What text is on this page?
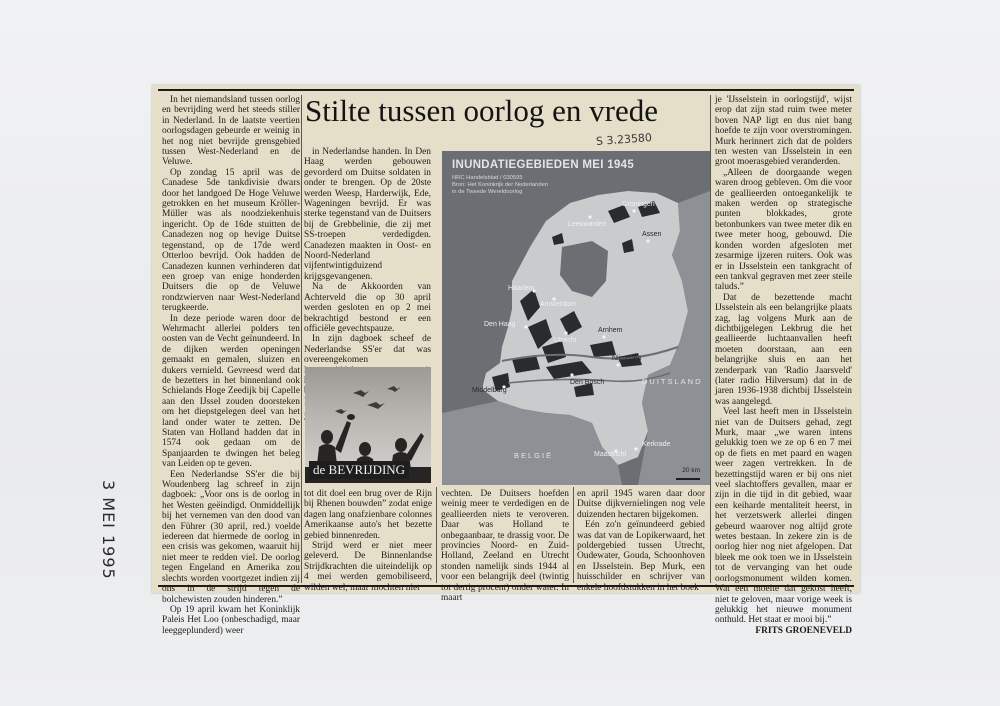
3 MEI 1995

In het niemandsland tussen oorlog en bevrijding werd het steeds stiller in Nederland. In de laatste veertien oorlogsdagen gebeurde er weinig in het nog niet bevrijde grensgebied tussen West-Nederland en de Veluwe.

Op zondag 15 april was de Canadese 5de tankdivisie dwars door het landgoed De Hoge Veluwe getrokken en het museum Kröller-Müller was als noodziekenhuis ingericht. Op de 16de stuitten de Canadezen nog op hevige Duitse tegenstand, op de 17de werd Otterloo bevrijd. Ook hadden de Canadezen kunnen verhinderen dat een groep van enige honderden Duitsers die op de Veluwe rondzwierven naar West-Nederland terugkeerde.

In deze periode waren door de Wehrmacht allerlei polders ten oosten van de Vecht geïnundeerd. In de dijken werden openingen gemaakt en gemalen, sluizen en dukers vernield. Gevreesd werd dat de bezetters in het binnenland ook Schielands Hoge Zeedijk bij Capelle aan den IJssel zouden doorsteken om het diepstgelegen deel van het land onder water te zetten. De Staten van Holland hadden dat in 1574 ook gedaan om de Spanjaarden te dwingen het beleg van Leiden op te geven.

Een Nederlandse SS'er die bij Woudenberg lag schreef in zijn dagboek: „Voor ons is de oorlog in het Westen geëindigd. Onmiddellijk bij het vernemen van den dood van den Führer (30 april, red.) voelde iedereen dat hiermede de oorlog in een crisis was gekomen, waaruit hij niet meer te redden viel. De oorlog tegen Engeland en Amerika zou slechts worden voortgezet indien zij ons in de strijd tegen de bolchewisten zouden hinderen.”

Op 19 april kwam het Koninklijk Paleis Het Loo (onbeschadigd, maar leeggeplunderd) weer

Stilte tussen oorlog en vrede
S 3.23580

in Nederlandse handen. In Den Haag werden gebouwen gevorderd om Duitse soldaten in onder te brengen. Op de 20ste werden Weesp, Harderwijk, Ede, Wageningen bevrijd. Er was sterke tegenstand van de Duitsers bij de Grebbelinie, die zij met SS-troepen verdedigden. Canadezen maakten in Oost- en Noord-Nederland vijfentwintigduizend krijgsgevangenen.

Na de Akkoorden van Achterveld die op 30 april werden gesloten en op 2 mei bekrachtigd bestond er een officiële gevechtspauze.

In zijn dagboek scheef de Nederlandse SS'er dat was overeengekomen

de BEVRIJDING
INUNDATIEGEBIEDEN MEI 1945
NRC Handelsblad / 030595
Bron: Het Koninkrijk der Nederlanden
in de Tweede Wereldoorlog
Leeuwarden
Groningen
Assen
Haarlem
Amsterdam
Den Haag
Utrecht
Arnhem
Nijmegen
Middelburg
Den Bosch
Maastricht
Kerkrade
DUITSLAND
BELGIË
20 km

tot dit doel een brug over de Rijn bij Rhenen bouwden” zodat enige dagen lang onafzienbare colonnes Amerikaanse auto's het bezette gebied binnenreden.

Strijd werd er niet meer geleverd. De Binnenlandse Strijdkrachten die uiteindelijk op 4 mei werden gemobiliseerd, wilden wel, maar mochten niet

vechten. De Duitsers hoefden weinig meer te verdedigen en de geallieerden niets te veroveren. Daar was Holland te onbegaanbaar, te drassig voor. De provincies Noord- en Zuid-Holland, Zeeland en Utrecht stonden namelijk sinds 1944 al voor een belangrijk deel (twintig tot dertig procent) onder water. In maart

en april 1945 waren daar door Duitse dijkvernielingen nog vele duizenden hectaren bijgekomen.

Eén zo'n geïnundeerd gebied was dat van de Lopikerwaard, het poldergebied tussen Utrecht, Oudewater, Gouda, Schoonhoven en IJsselstein. Bep Murk, een huisschilder en schrijver van enkele hoofdstukken in het boek

je 'IJsselstein in oorlogstijd', wijst erop dat zijn stad ruim twee meter boven NAP ligt en dus niet bang hoefde te zijn voor overstromingen. Murk herinnert zich dat de polders ten westen van IJsselstein in een groot moerasgebied veranderden.

„Alleen de doorgaande wegen waren droog gebleven. Om die voor de geallieerden ontoegankelijk te maken werden op strategische punten blokkades, grote betonbunkers van twee meter dik en twee meter hoog, gebouwd. Die konden worden afgesloten met zesarmige ijzeren ruiters. Ook was er in IJsselstein een tankgracht of een tankval gegraven met zeer steile taluds.”

Dat de bezettende macht IJsselstein als een belangrijke plaats zag, lag volgens Murk aan de dichtbijgelegen Lekbrug die het geallieerde luchtaanvallen heeft moeten doorstaan, aan een belangrijke sluis en aan het zenderpark van 'Radio Jaarsveld' (later radio Hilversum) dat in de jaren 1936-1938 dichtbij IJsselstein was aangelegd.

Veel last heeft men in IJsselstein niet van de Duitsers gehad, zegt Murk, maar „we waren intens gelukkig toen we ze op 6 en 7 mei op de fiets en met paard en wagen weer zagen vertrekken. In de bezettingstijd waren er bij ons niet veel slachtoffers gevallen, maar er zijn in die tijd in dit gebied, waar een keiharde mentaliteit heerst, in het verzetswerk allerlei dingen gebeurd waarover nog altijd grote wetes bestaan. In zekere zin is de oorlog hier nog niet afgelopen. Dat bleek me ook toen we in IJsselstein tot de vervanging van het oude oorlogsmonument wilden komen. Wat een moeite dat gekost heeft, niet te geloven, maar vorige week is gelukkig het nieuwe monument onthuld. Het staat er mooi bij.”

FRITS GROENEVELD
